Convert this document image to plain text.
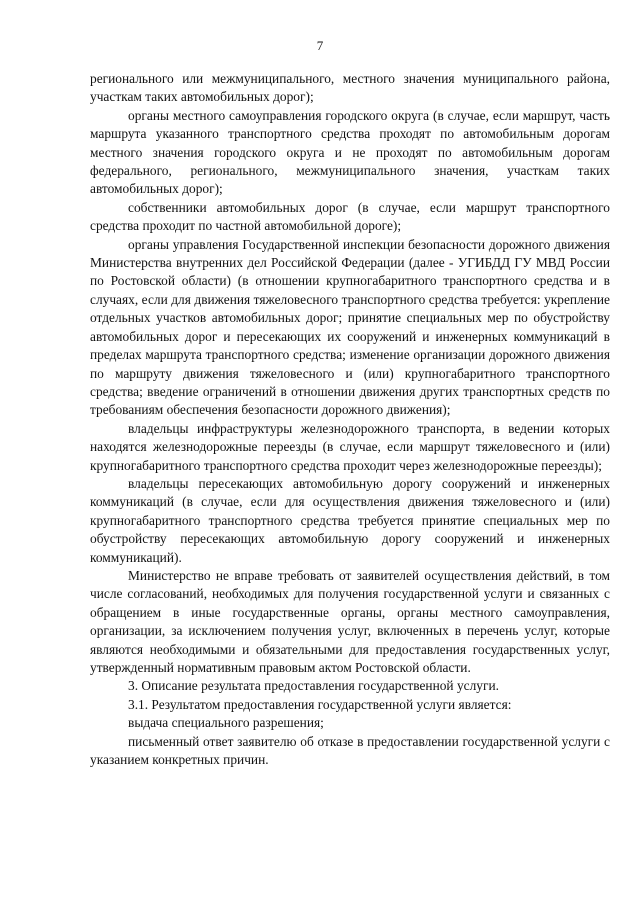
7

регионального или межмуниципального, местного значения муниципального района, участкам таких автомобильных дорог);

органы местного самоуправления городского округа (в случае, если маршрут, часть маршрута указанного транспортного средства проходят по автомобильным дорогам местного значения городского округа и не проходят по автомобильным дорогам федерального, регионального, межмуниципального значения, участкам таких автомобильных дорог);

собственники автомобильных дорог (в случае, если маршрут транспортного средства проходит по частной автомобильной дороге);

органы управления Государственной инспекции безопасности дорожного движения Министерства внутренних дел Российской Федерации (далее - УГИБДД ГУ МВД России по Ростовской области) (в отношении крупногабаритного транспортного средства и в случаях, если для движения тяжеловесного транспортного средства требуется: укрепление отдельных участков автомобильных дорог; принятие специальных мер по обустройству автомобильных дорог и пересекающих их сооружений и инженерных коммуникаций в пределах маршрута транспортного средства; изменение организации дорожного движения по маршруту движения тяжеловесного и (или) крупногабаритного транспортного средства; введение ограничений в отношении движения других транспортных средств по требованиям обеспечения безопасности дорожного движения);

владельцы инфраструктуры железнодорожного транспорта, в ведении которых находятся железнодорожные переезды (в случае, если маршрут тяжеловесного и (или) крупногабаритного транспортного средства проходит через железнодорожные переезды);

владельцы пересекающих автомобильную дорогу сооружений и инженерных коммуникаций (в случае, если для осуществления движения тяжеловесного и (или) крупногабаритного транспортного средства требуется принятие специальных мер по обустройству пересекающих автомобильную дорогу сооружений и инженерных коммуникаций).

Министерство не вправе требовать от заявителей осуществления действий, в том числе согласований, необходимых для получения государственной услуги и связанных с обращением в иные государственные органы, органы местного самоуправления, организации, за исключением получения услуг, включенных в перечень услуг, которые являются необходимыми и обязательными для предоставления государственных услуг, утвержденный нормативным правовым актом Ростовской области.

3. Описание результата предоставления государственной услуги.

3.1. Результатом предоставления государственной услуги является:

выдача специального разрешения;

письменный ответ заявителю об отказе в предоставлении государственной услуги с указанием конкретных причин.
